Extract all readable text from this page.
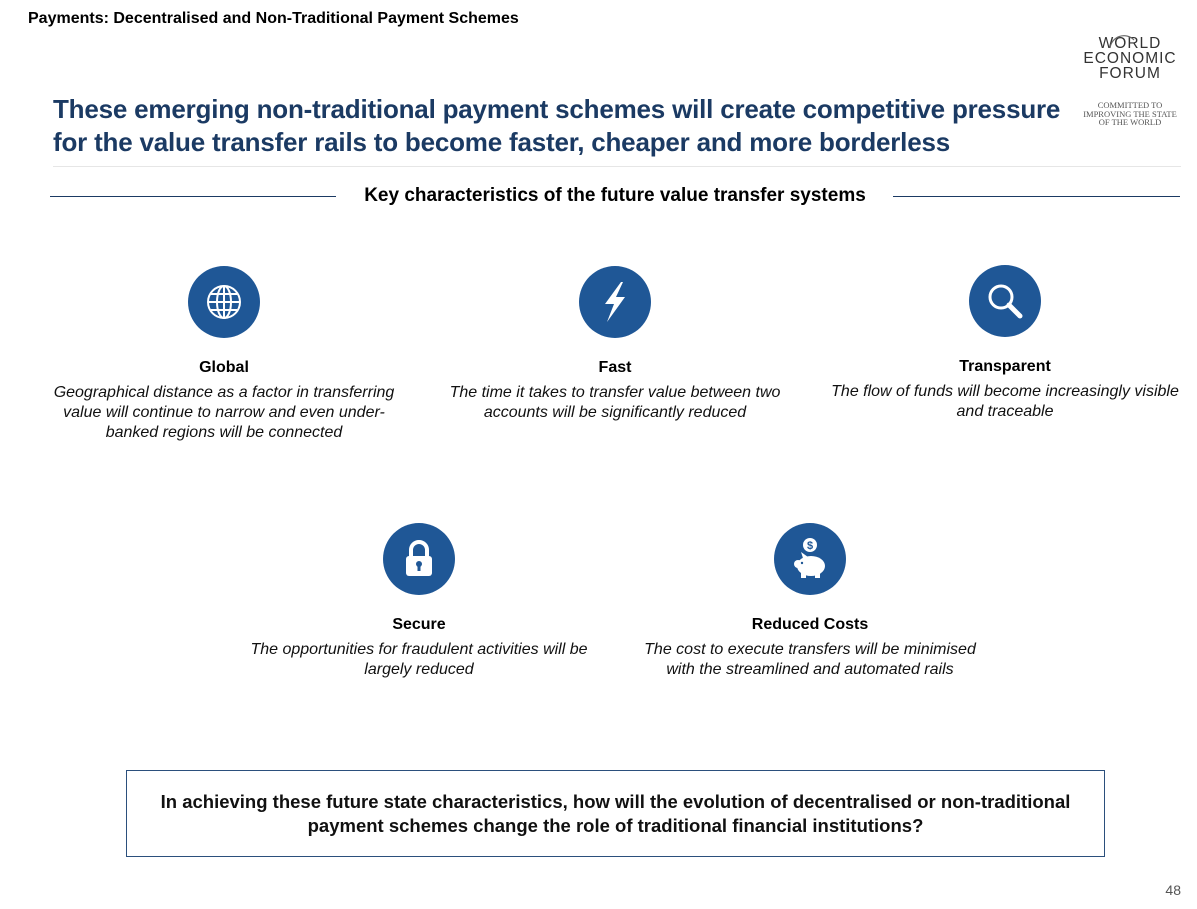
Payments: Decentralised and Non-Traditional Payment Schemes
WORLD
ECONOMIC
FORUM
COMMITTED TO
IMPROVING THE STATE
OF THE WORLD
These emerging non-traditional payment schemes will create competitive pressure for the value transfer rails to become faster, cheaper and more borderless
Key characteristics of the future value transfer systems
Global
Geographical distance as a factor in transferring value will continue to narrow and even under-banked regions will be connected
Fast
The time it takes to transfer value between two accounts will be significantly reduced
Transparent
The flow of funds will become increasingly visible and traceable
Secure
The opportunities for fraudulent activities will be largely reduced
$
Reduced Costs
The cost to execute transfers will be minimised with the streamlined and automated rails
In achieving these future state characteristics, how will the evolution of decentralised or non-traditional payment schemes change the role of traditional financial institutions?
48
